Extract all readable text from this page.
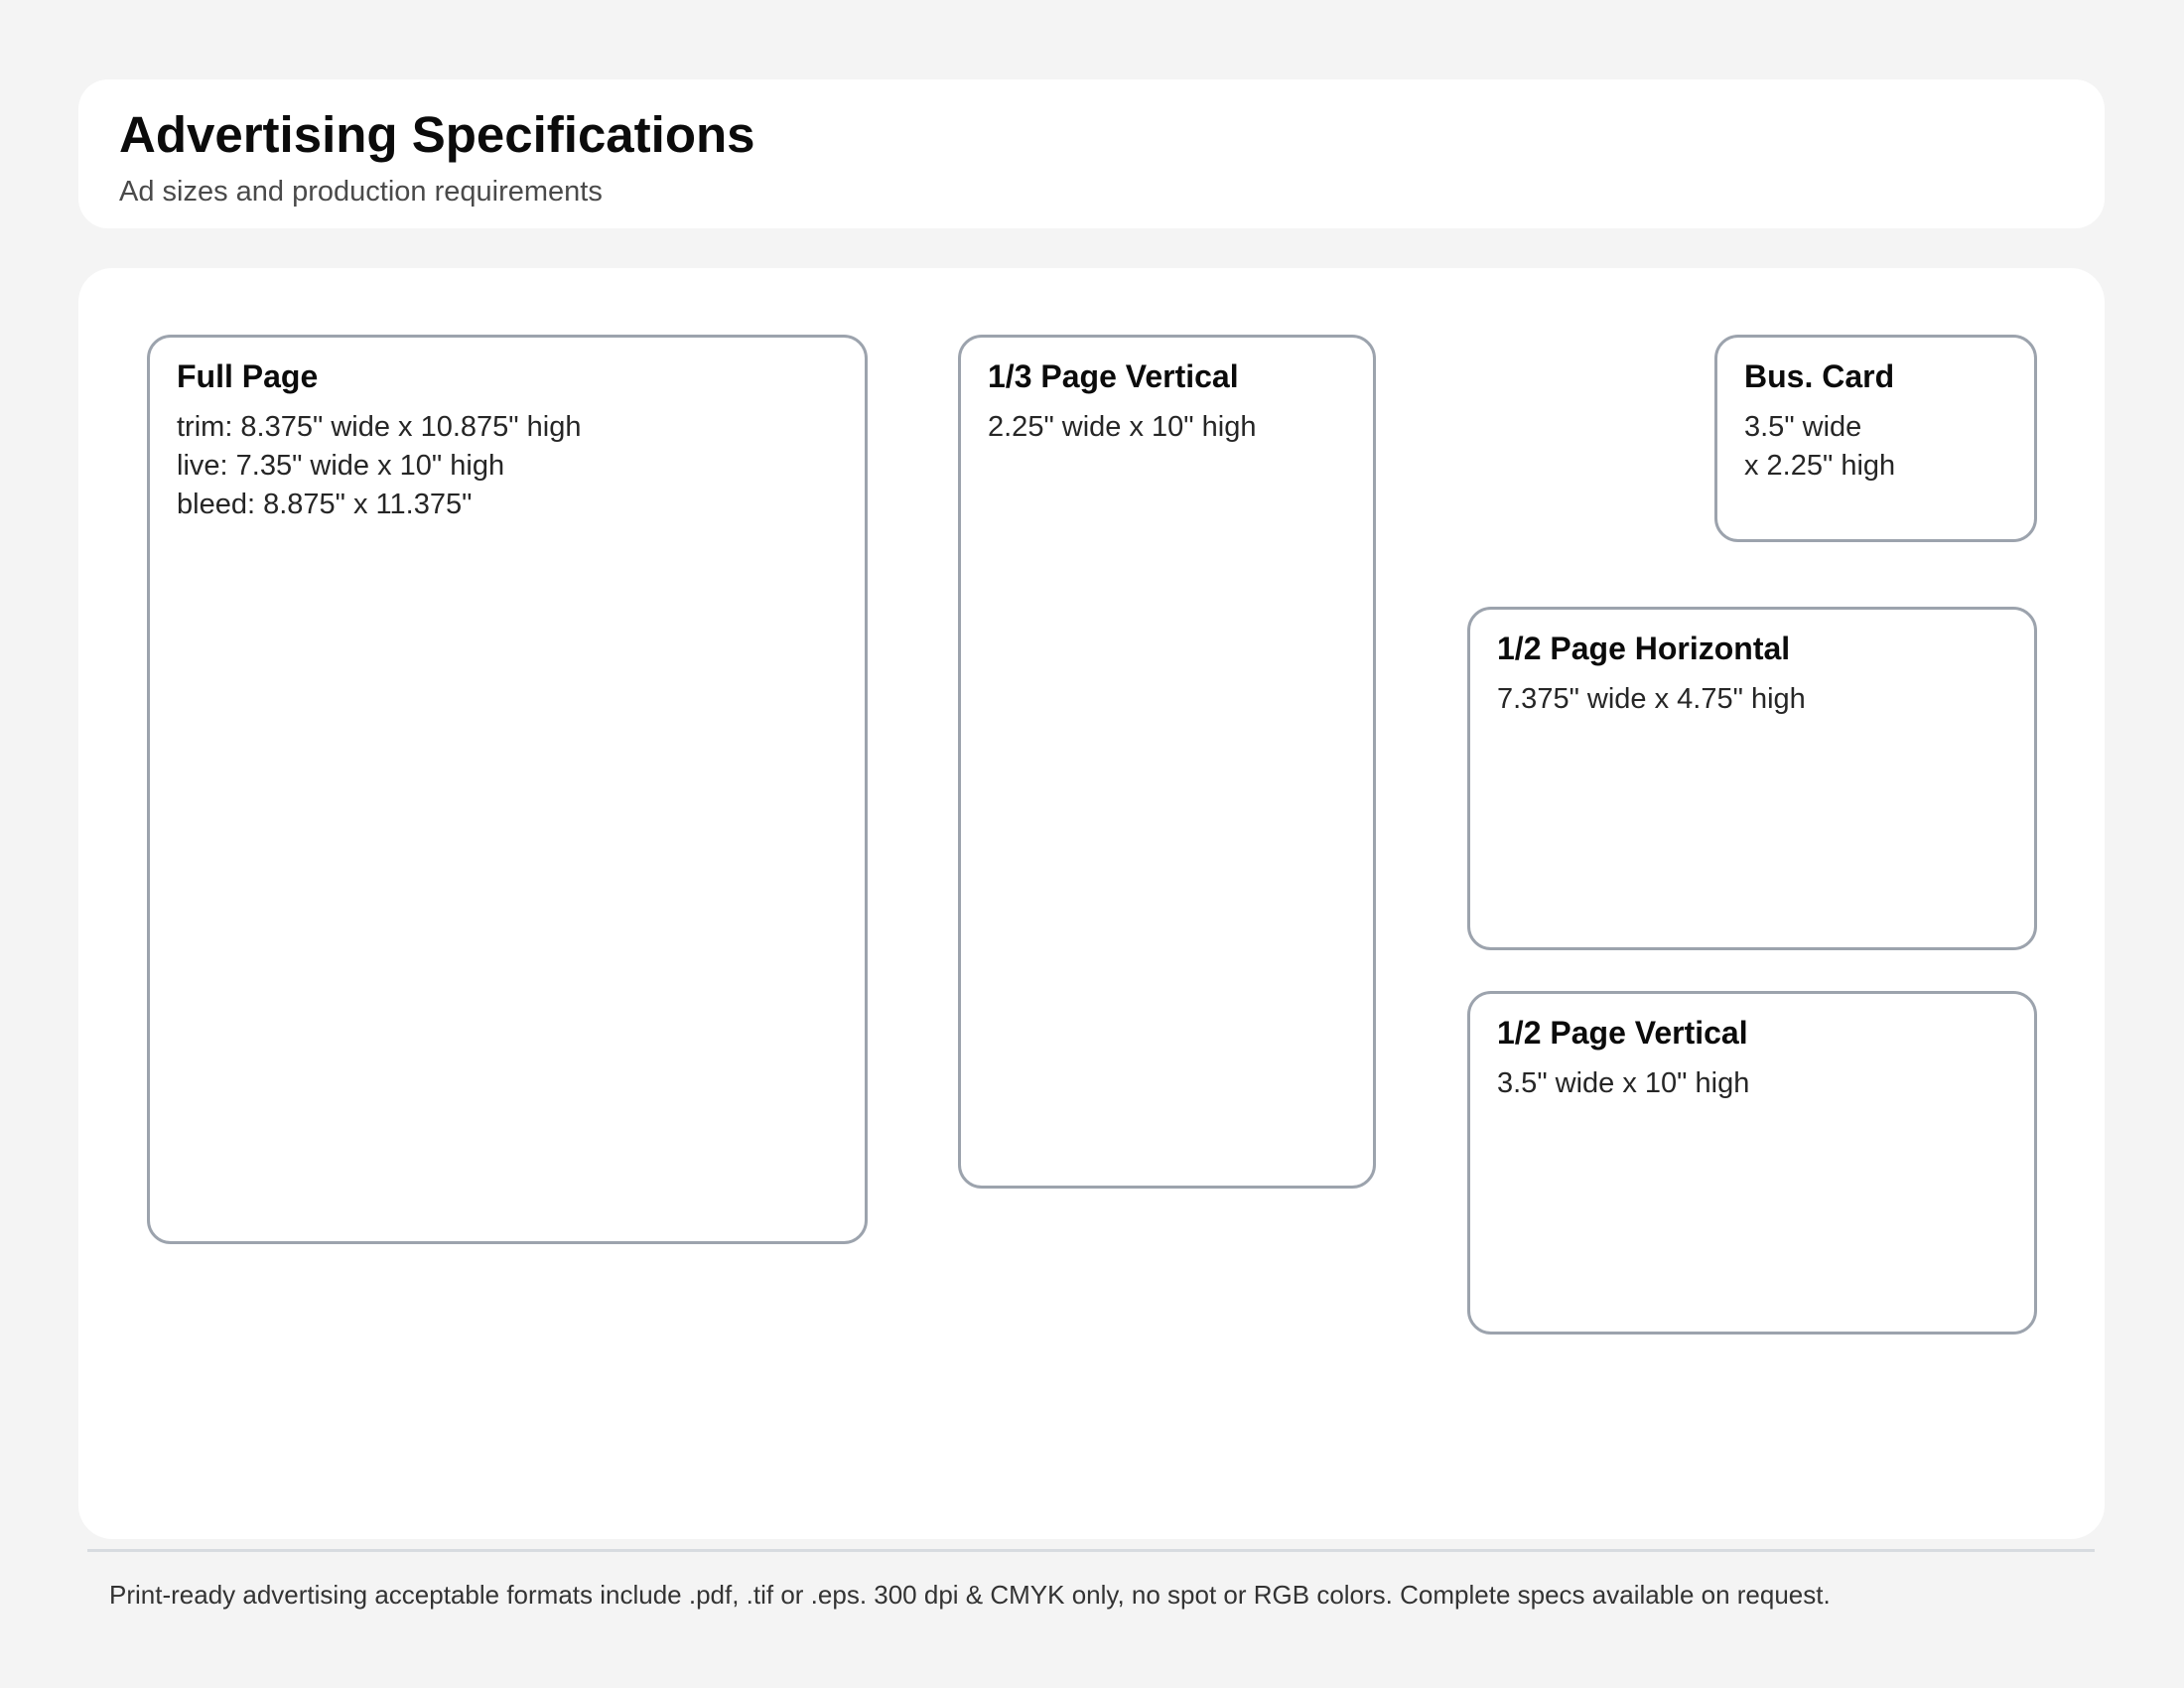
Advertising Specifications

Ad sizes and production requirements

Full Page
trim: 8.375" wide x 10.875" high
live: 7.35" wide x 10" high
bleed: 8.875" x 11.375"
1/3 Page Vertical
2.25" wide x 10" high
Bus. Card
3.5" wide
x 2.25" high
1/2 Page Horizontal
7.375" wide x 4.75" high
1/2 Page Vertical
3.5" wide x 10" high

Print-ready advertising acceptable formats include .pdf, .tif or .eps. 300 dpi & CMYK only, no spot or RGB colors. Complete specs available on request.
